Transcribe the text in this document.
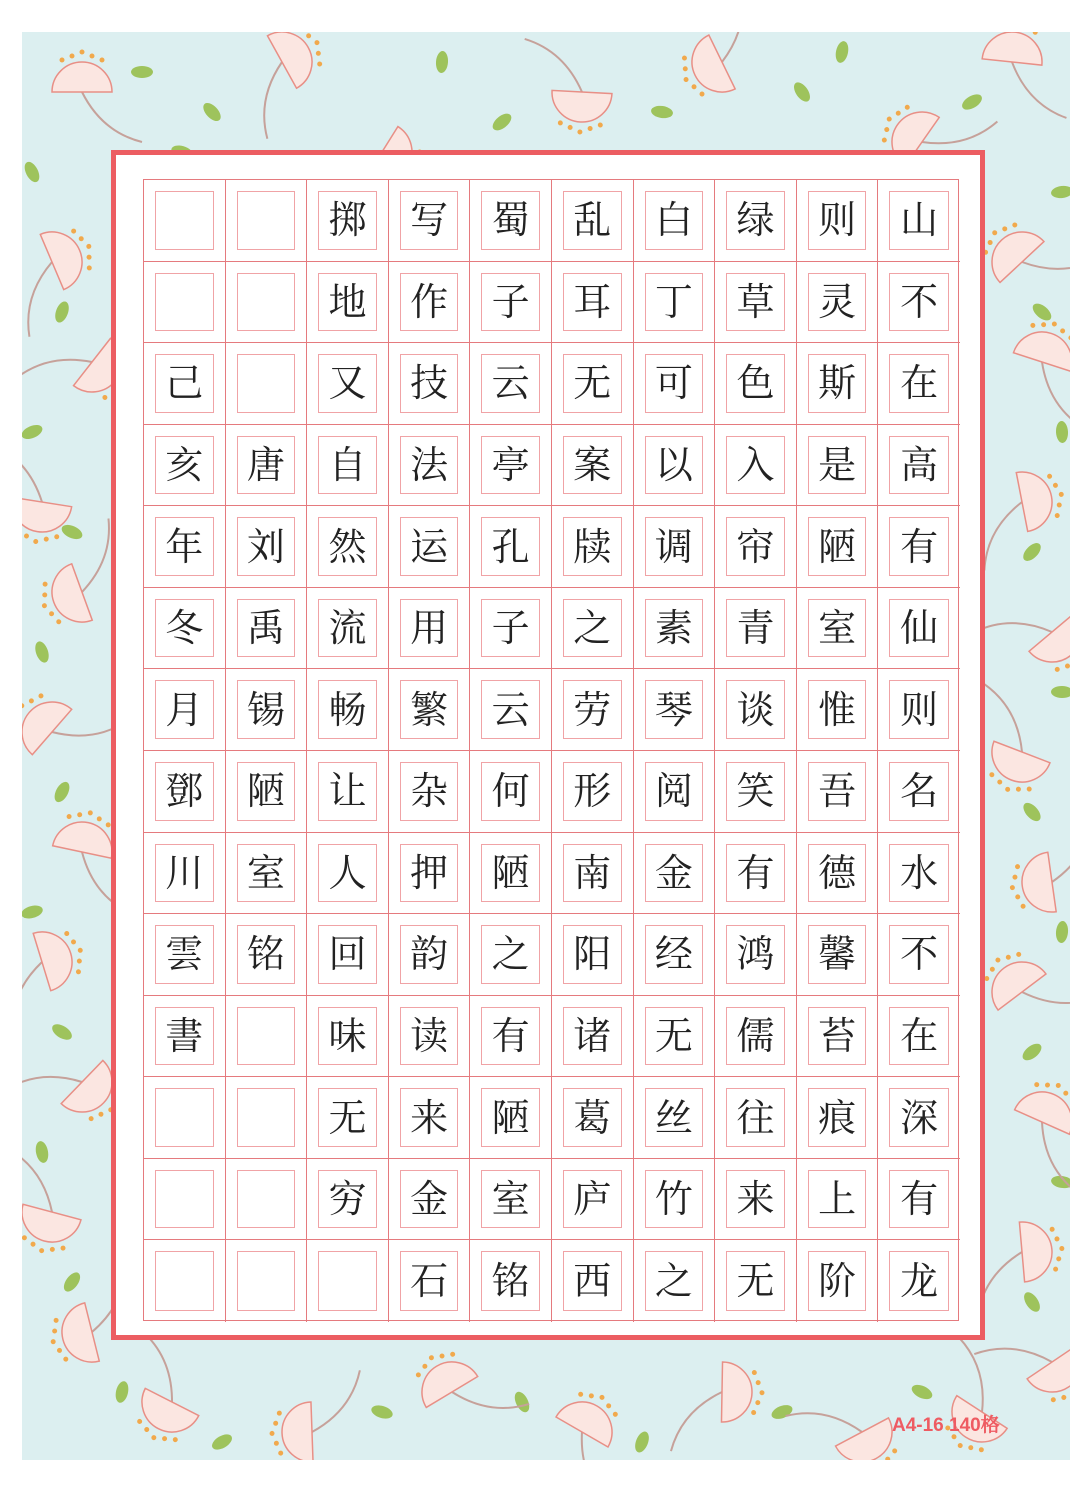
山
不
在
高
有
仙
则
名
水
不
在
深
有
龙
则
灵
斯
是
陋
室
惟
吾
德
馨
苔
痕
上
阶
绿
草
色
入
帘
青
谈
笑
有
鸿
儒
往
来
无
白
丁
可
以
调
素
琴
阅
金
经
无
丝
竹
之
乱
耳
无
案
牍
之
劳
形
南
阳
诸
葛
庐
西
蜀
子
云
亭
孔
子
云
何
陋
之
有
陋
室
铭
写
作
技
法
运
用
繁
杂
押
韵
读
来
金
石
掷
地
又
自
然
流
畅
让
人
回
味
无
穷
唐
刘
禹
锡
陋
室
铭
己
亥
年
冬
月
鄧
川
雲
書
A4-16 140格
